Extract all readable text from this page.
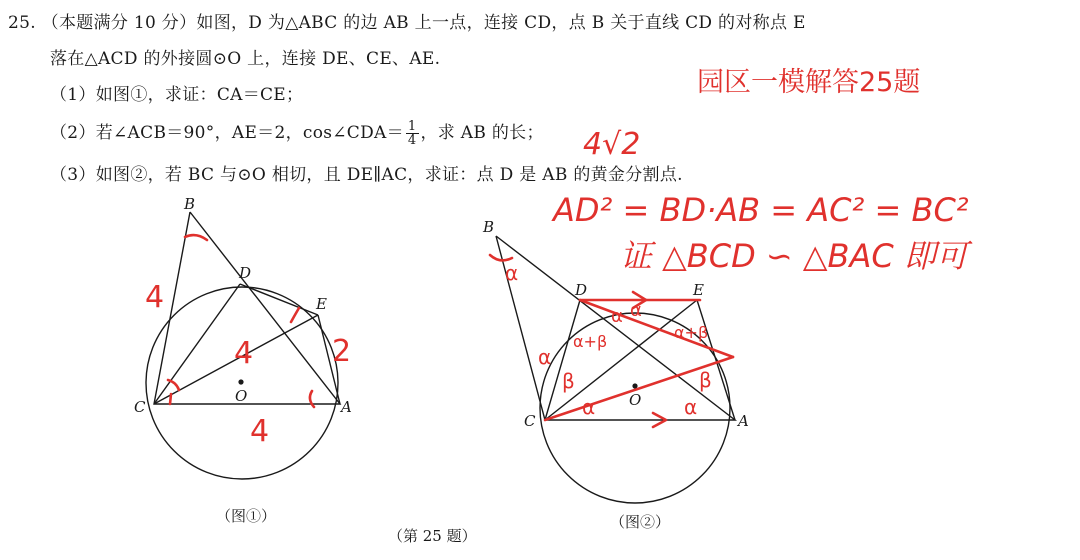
25. （本题满分 10 分）如图，D 为△ABC 的边 AB 上一点，连接 CD，点 B 关于直线 CD 的对称点 E
落在△ACD 的外接圆⊙O 上，连接 DE、CE、AE.
（1）如图①，求证：CA＝CE；
（2）若∠ACB＝90°，AE＝2，cos∠CDA＝ $\frac{1}{4}$ ，求 AB 的长；
（3）如图②，若 BC 与⊙O 相切，且 DE∥AC，求证：点 D 是 AB 的黄金分割点.
园区一模解答25题
B
D
E
C
O
A
4
4	2
4
B
D	E
C
O
A
α
α
β
α+β	α+β
α
β
α	α
α
4√2
AD² = BD·AB = AC² = BC²
证 △BCD ∽ △BAC 即可
（图①）	（图②）
（第 25 题）
